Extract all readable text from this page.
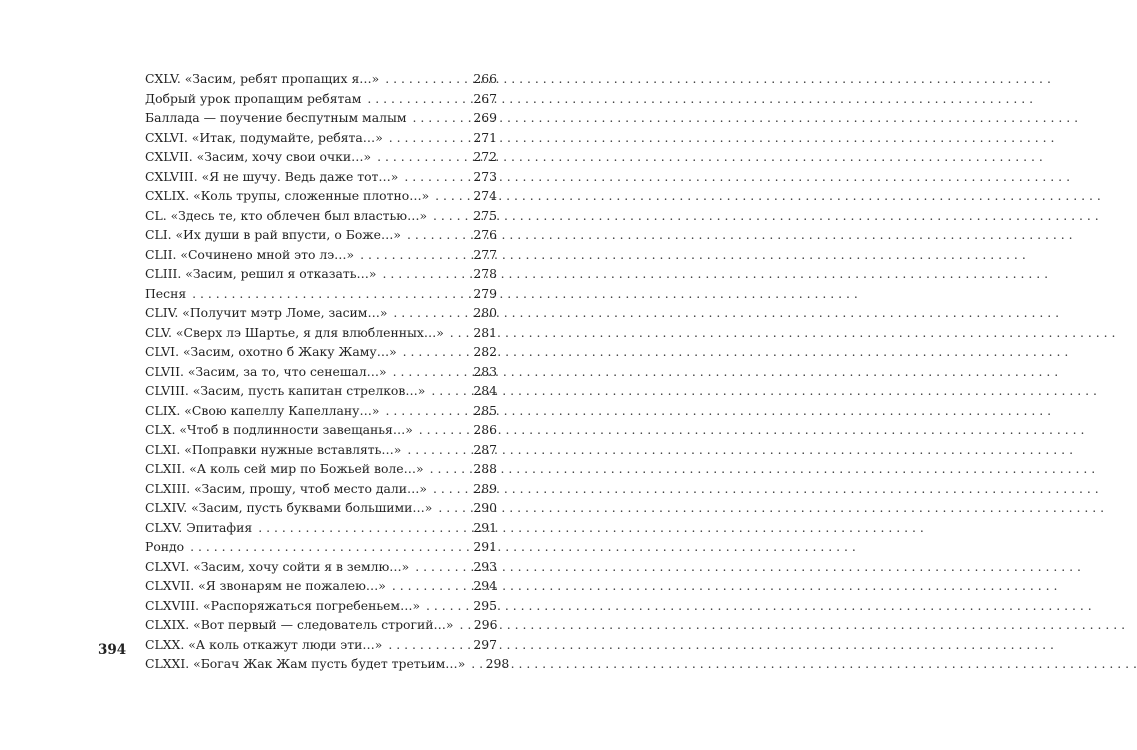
CXLV. «Засим, ребят пропащих я…» . . .	266
Добрый урок пропащим ребятам . . .	267
Баллада — поучение беспутным малым . . .	269
CXLVI. «Итак, подумайте, ребята…» . . .	271
CXLVII. «Засим, хочу свои очки…» . . .	272
CXLVIII. «Я не шучу. Ведь даже тот…» . . .	273
CXLIX. «Коль трупы, сложенные плотно…» . . .	274
CL. «Здесь те, кто облечен был властью…» . . .	275
CLI. «Их души в рай впусти, о Боже…» . . .	276
CLII. «Сочинено мной это лэ…» . . .	277
CLIII. «Засим, решил я отказать…» . . .	278
Песня . . .	279
CLIV. «Получит мэтр Ломе, засим…» . . .	280
CLV. «Сверх лэ Шартье, я для влюбленных…» . . . 281
CLVI. «Засим, охотно б Жаку Жаму…» . . .	282
CLVII. «Засим, за то, что сенешал…» . . .	283
CLVIII. «Засим, пусть капитан стрелков…» . . .	284
CLIX. «Свою капеллу Капеллану…» . . .	285
CLX. «Чтоб в подлинности завещанья…» . . .	286
CLXI. «Поправки нужные вставлять…» . . .	287
CLXII. «А коль сей мир по Божьей воле…» . . .	288
CLXIII. «Засим, прошу, чтоб место дали…» . . .	289
CLXIV. «Засим, пусть буквами большими…» . . .	290
CLXV. Эпитафия . . .	291
Рондо . . .	291
CLXVI. «Засим, хочу сойти я в землю…» . . .	293
CLXVII. «Я звонарям не пожалею…» . . .	294
CLXVIII. «Распоряжаться погребеньем…» . . .	295
CLXIX. «Вот первый — следователь строгий…» . . . 296
CLXX. «А коль откажут люди эти…» . . .	297
CLXXI. «Богач Жак Жам пусть будет третьим…» . . . 298
394
